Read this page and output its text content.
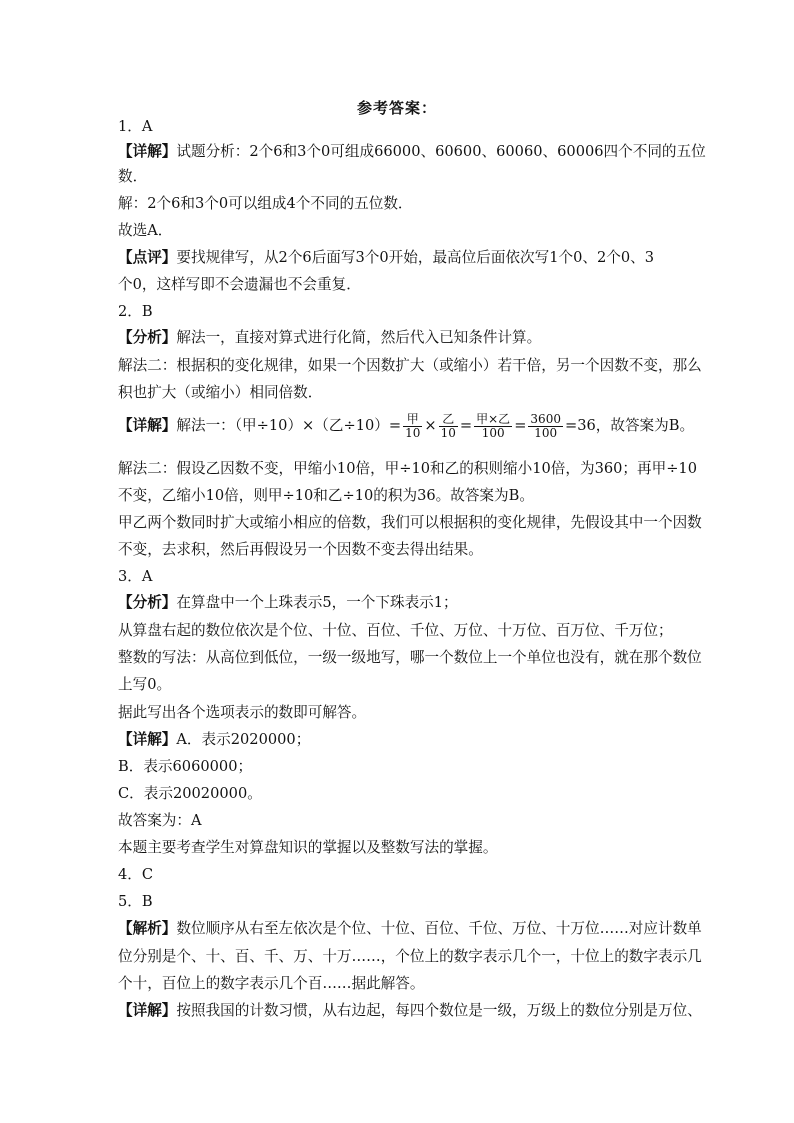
参考答案：
1．A
【详解】试题分析：2个6和3个0可组成66000、60600、60060、60006四个不同的五位
数．
解：2个6和3个0可以组成4个不同的五位数．
故选A．
【点评】要找规律写，从2个6后面写3个0开始，最高位后面依次写1个0、2个0、3
个0，这样写即不会遗漏也不会重复．
2．B
【分析】解法一，直接对算式进行化简，然后代入已知条件计算。
解法二：根据积的变化规律，如果一个因数扩大（或缩小）若干倍，另一个因数不变，那么
积也扩大（或缩小）相同倍数．
【详解】解法一：（甲÷10）×（乙$\div 10)= \frac{\text{甲}}{10} \times \frac{\text{乙}}{10} = \frac{\text{甲×乙}}{100} = \frac{3600}{100} =36$，故答案为B。
解法二：假设乙因数不变，甲缩小10倍，甲÷10和乙的积则缩小10倍，为360；再甲÷10
不变，乙缩小10倍，则甲÷10和乙÷10的积为36。故答案为B。
甲乙两个数同时扩大或缩小相应的倍数，我们可以根据积的变化规律，先假设其中一个因数
不变，去求积，然后再假设另一个因数不变去得出结果。
3．A
【分析】在算盘中一个上珠表示5，一个下珠表示1；
从算盘右起的数位依次是个位、十位、百位、千位、万位、十万位、百万位、千万位；
整数的写法：从高位到低位，一级一级地写，哪一个数位上一个单位也没有，就在那个数位
上写0。
据此写出各个选项表示的数即可解答。
【详解】A．表示2020000；
B．表示6060000；
C．表示20020000。
故答案为：A
本题主要考查学生对算盘知识的掌握以及整数写法的掌握。
4．C
5．B
【解析】数位顺序从右至左依次是个位、十位、百位、千位、万位、十万位……对应计数单
位分别是个、十、百、千、万、十万……，个位上的数字表示几个一，十位上的数字表示几
个十，百位上的数字表示几个百……据此解答。
【详解】按照我国的计数习惯，从右边起，每四个数位是一级，万级上的数位分别是万位、
